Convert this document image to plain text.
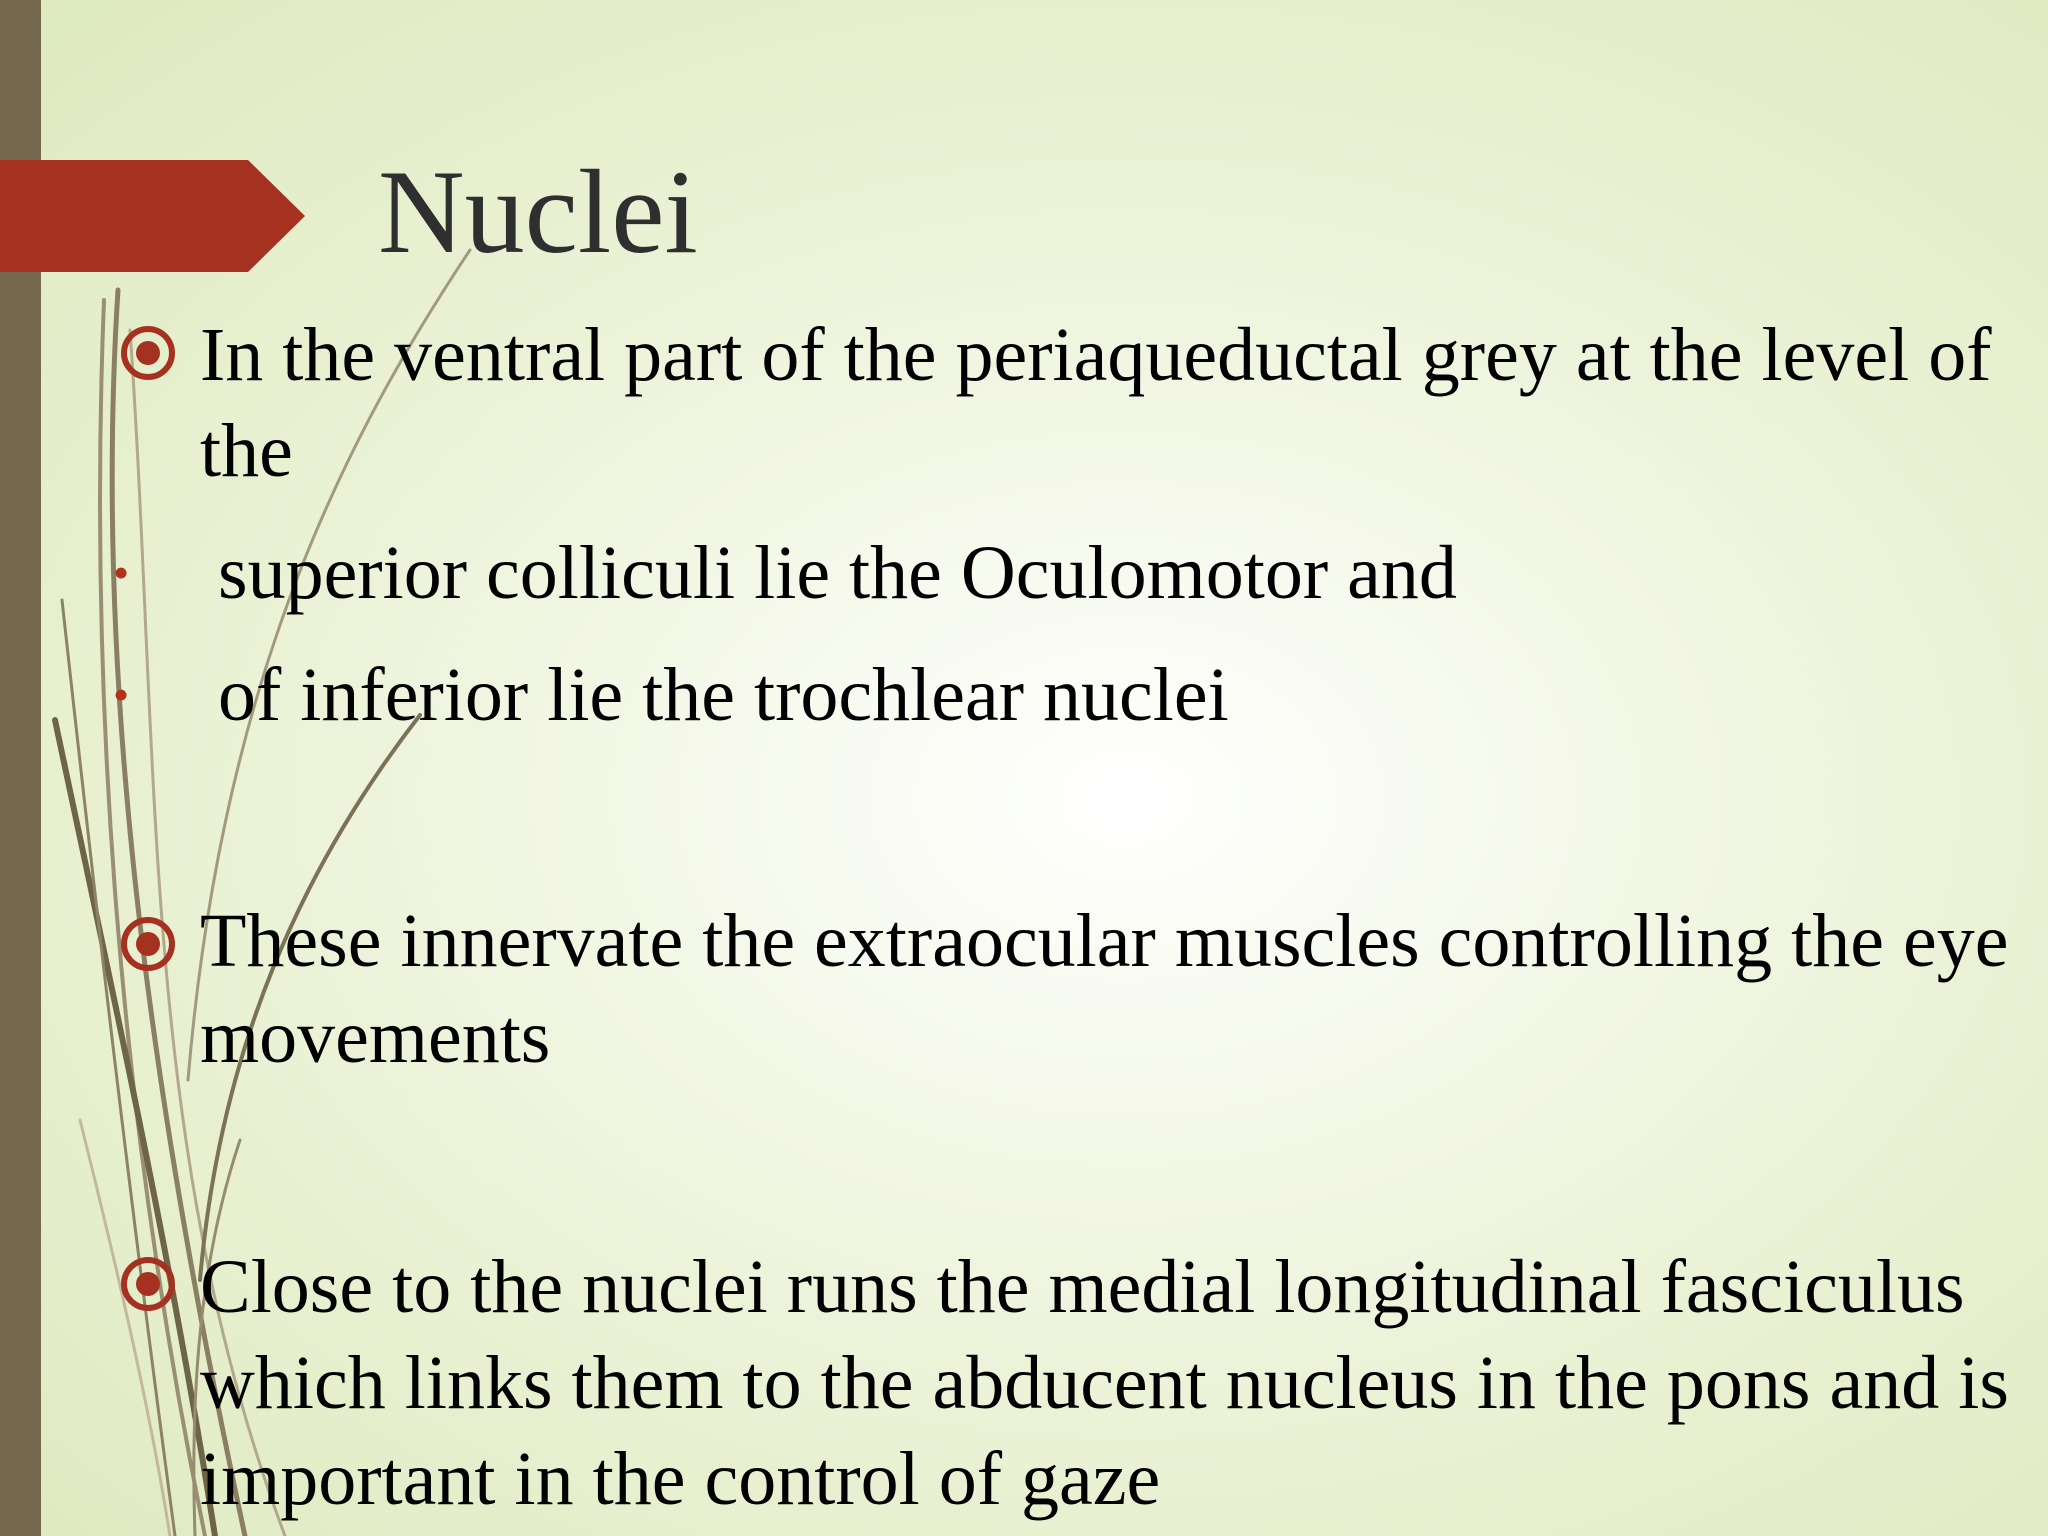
Nuclei

In the ventral part of the periaqueductal grey at the level of the

• superior colliculi lie the Oculomotor and
• of inferior lie the trochlear nuclei

These innervate the extraocular muscles controlling the eye movements

Close to the nuclei runs the medial longitudinal fasciculus which links them to the abducent nucleus in the pons and is important in the control of gaze
